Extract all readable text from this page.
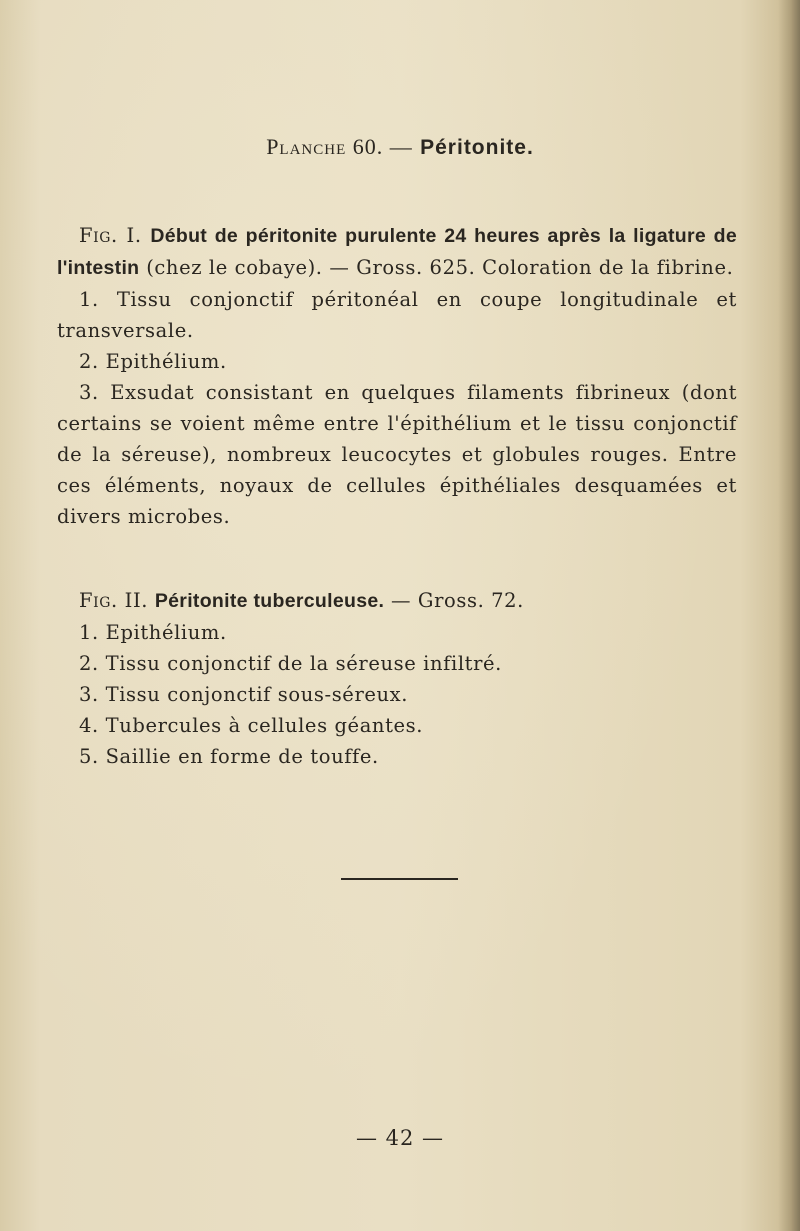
Planche 60. — Péritonite.

Fig. I. Début de péritonite purulente 24 heures après la ligature de l'intestin (chez le cobaye). — Gross. 625. Coloration de la fibrine.

1. Tissu conjonctif péritonéal en coupe longitudinale et transversale.

2. Epithélium.

3. Exsudat consistant en quelques filaments fibrineux (dont certains se voient même entre l'épithélium et le tissu conjonctif de la séreuse), nombreux leucocytes et globules rouges. Entre ces éléments, noyaux de cellules épithéliales desquamées et divers microbes.

Fig. II. Péritonite tuberculeuse. — Gross. 72.

1. Epithélium.

2. Tissu conjonctif de la séreuse infiltré.

3. Tissu conjonctif sous-séreux.

4. Tubercules à cellules géantes.

5. Saillie en forme de touffe.

— 42 —
